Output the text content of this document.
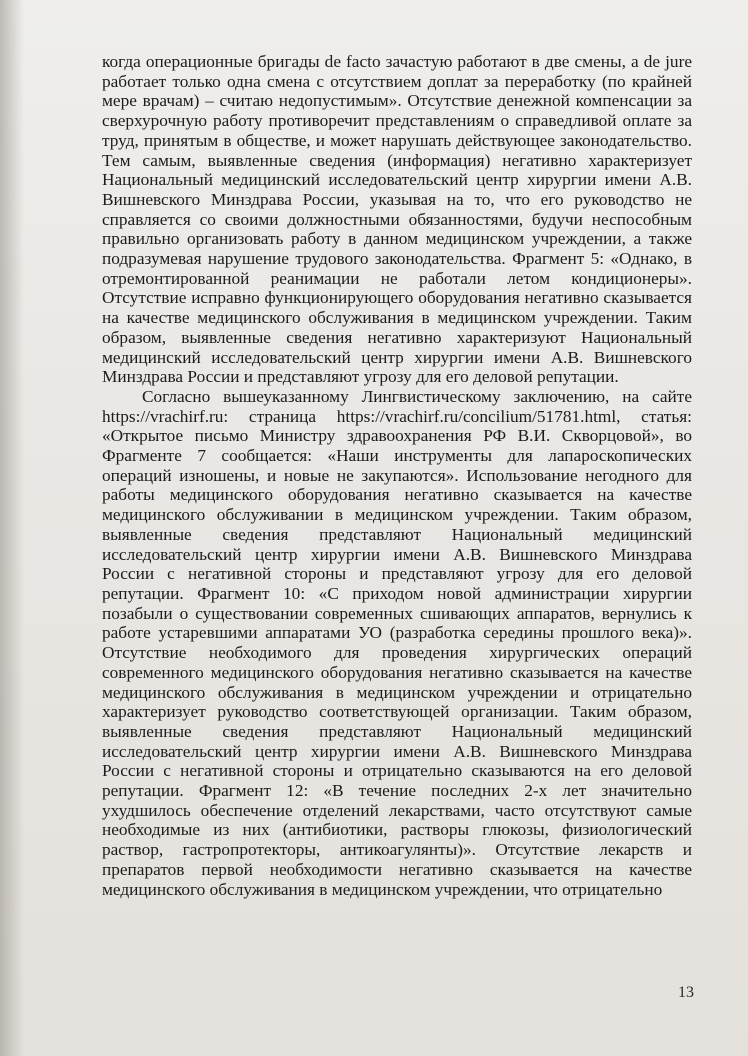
когда операционные бригады de facto зачастую работают в две смены, а de jure работает только одна смена с отсутствием доплат за переработку (по крайней мере врачам) – считаю недопустимым». Отсутствие денежной компенсации за сверхурочную работу противоречит представлениям о справедливой оплате за труд, принятым в обществе, и может нарушать действующее законодательство. Тем самым, выявленные сведения (информация) негативно характеризует Национальный медицинский исследовательский центр хирургии имени А.В. Вишневского Минздрава России, указывая на то, что его руководство не справляется со своими должностными обязанностями, будучи неспособным правильно организовать работу в данном медицинском учреждении, а также подразумевая нарушение трудового законодательства. Фрагмент 5: «Однако, в отремонтированной реанимации не работали летом кондиционеры». Отсутствие исправно функционирующего оборудования негативно сказывается на качестве медицинского обслуживания в медицинском учреждении. Таким образом, выявленные сведения негативно характеризуют Национальный медицинский исследовательский центр хирургии имени А.В. Вишневского Минздрава России и представляют угрозу для его деловой репутации.

Согласно вышеуказанному Лингвистическому заключению, на сайте https://vrachirf.ru: страница https://vrachirf.ru/concilium/51781.html, статья: «Открытое письмо Министру здравоохранения РФ В.И. Скворцовой», во Фрагменте 7 сообщается: «Наши инструменты для лапароскопических операций изношены, и новые не закупаются». Использование негодного для работы медицинского оборудования негативно сказывается на качестве медицинского обслуживании в медицинском учреждении. Таким образом, выявленные сведения представляют Национальный медицинский исследовательский центр хирургии имени А.В. Вишневского Минздрава России с негативной стороны и представляют угрозу для его деловой репутации. Фрагмент 10: «С приходом новой администрации хирургии позабыли о существовании современных сшивающих аппаратов, вернулись к работе устаревшими аппаратами УО (разработка середины прошлого века)». Отсутствие необходимого для проведения хирургических операций современного медицинского оборудования негативно сказывается на качестве медицинского обслуживания в медицинском учреждении и отрицательно характеризует руководство соответствующей организации. Таким образом, выявленные сведения представляют Национальный медицинский исследовательский центр хирургии имени А.В. Вишневского Минздрава России с негативной стороны и отрицательно сказываются на его деловой репутации. Фрагмент 12: «В течение последних 2-х лет значительно ухудшилось обеспечение отделений лекарствами, часто отсутствуют самые необходимые из них (антибиотики, растворы глюкозы, физиологический раствор, гастропротекторы, антикоагулянты)». Отсутствие лекарств и препаратов первой необходимости негативно сказывается на качестве медицинского обслуживания в медицинском учреждении, что отрицательно

13
